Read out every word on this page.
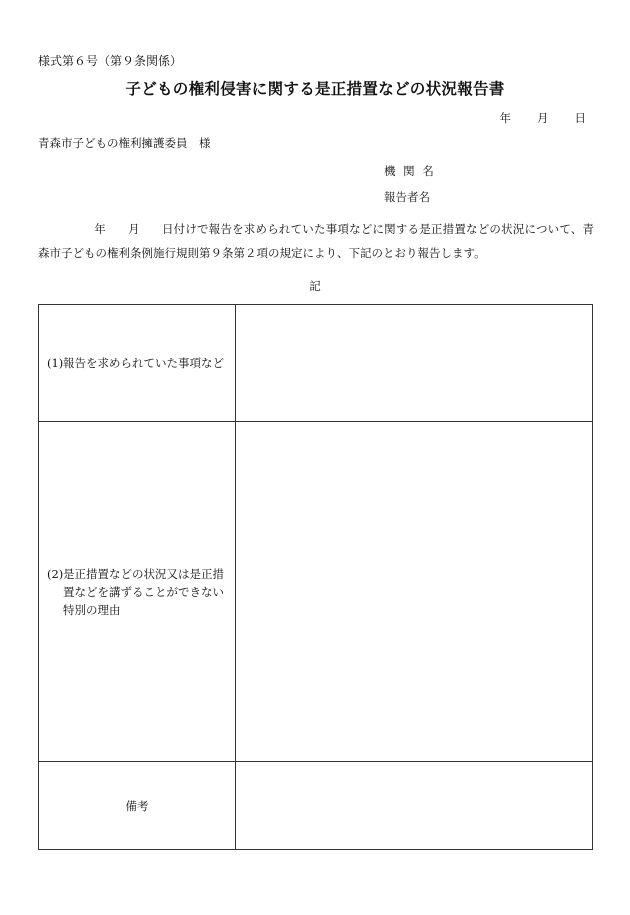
様式第６号（第９条関係）
子どもの権利侵害に関する是正措置などの状況報告書
年 月 日
青森市子どもの権利擁護委員　様
機 関 名
報告者名
年 月 日付けで報告を求められていた事項などに関する是正措置などの状況について、青森市子どもの権利条例施行規則第９条第２項の規定により、下記のとおり報告します。
記
(1) 報告を求められていた事項など	

(2) 是正措置などの状況又は是正措置などを講ずることができない特別の理由	

備考	
